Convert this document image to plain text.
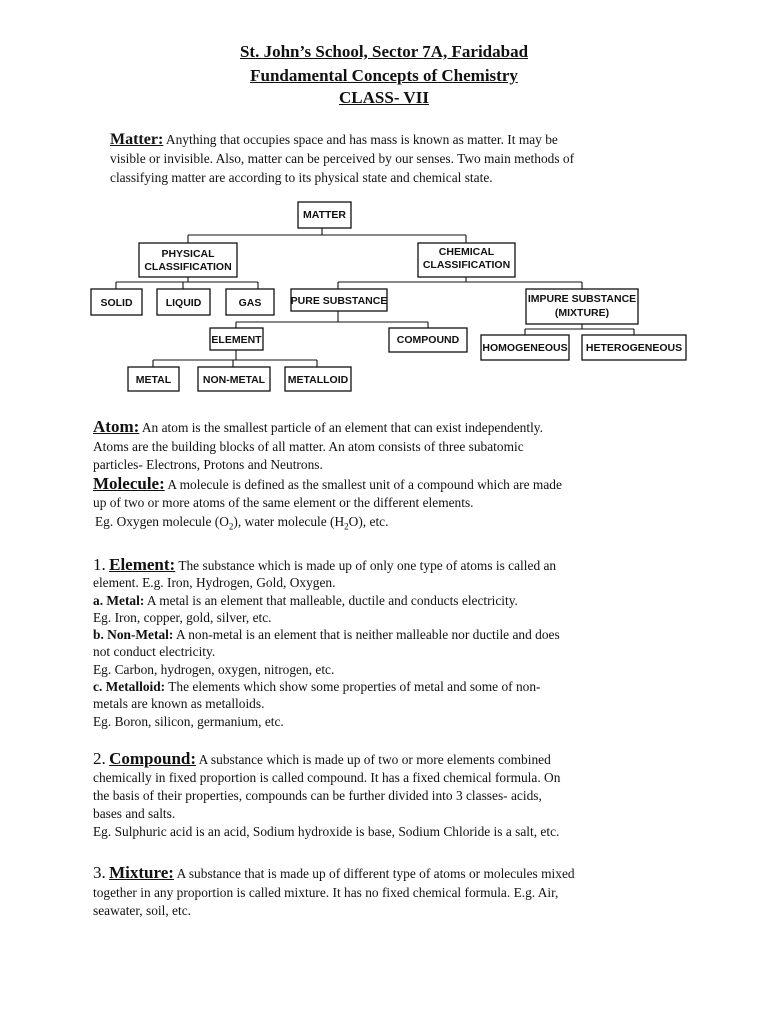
St. John’s School, Sector 7A, Faridabad
Fundamental Concepts of Chemistry
CLASS- VII
Matter: Anything that occupies space and has mass is known as matter. It may be
visible or invisible. Also, matter can be perceived by our senses. Two main methods of
classifying matter are according to its physical state and chemical state.
MATTER
PHYSICAL
CLASSIFICATION
CHEMICAL
CLASSIFICATION
SOLID	LIQUID	GAS	PURE SUBSTANCE	IMPURE SUBSTANCE
(MIXTURE)
ELEMENT	COMPOUND
HOMOGENEOUS HETEROGENEOUS
METAL	NON-METAL METALLOID
Atom: An atom is the smallest particle of an element that can exist independently.
Atoms are the building blocks of all matter. An atom consists of three subatomic
particles- Electrons, Protons and Neutrons.
Molecule: A molecule is defined as the smallest unit of a compound which are made
up of two or more atoms of the same element or the different elements.
Eg. Oxygen molecule $(O_2)$, water molecule $(H_2O)$, etc.
1. Element: The substance which is made up of only one type of atoms is called an
element. E.g. Iron, Hydrogen, Gold, Oxygen.
a. Metal: A metal is an element that malleable, ductile and conducts electricity.
Eg. Iron, copper, gold, silver, etc.
b. Non-Metal: A non-metal is an element that is neither malleable nor ductile and does
not conduct electricity.
Eg. Carbon, hydrogen, oxygen, nitrogen, etc.
c. Metalloid: The elements which show some properties of metal and some of non-
metals are known as metalloids.
Eg. Boron, silicon, germanium, etc.
2. Compound: A substance which is made up of two or more elements combined
chemically in fixed proportion is called compound. It has a fixed chemical formula. On
the basis of their properties, compounds can be further divided into 3 classes- acids,
bases and salts.
Eg. Sulphuric acid is an acid, Sodium hydroxide is base, Sodium Chloride is a salt, etc.
3. Mixture: A substance that is made up of different type of atoms or molecules mixed
together in any proportion is called mixture. It has no fixed chemical formula. E.g. Air,
seawater, soil, etc.
